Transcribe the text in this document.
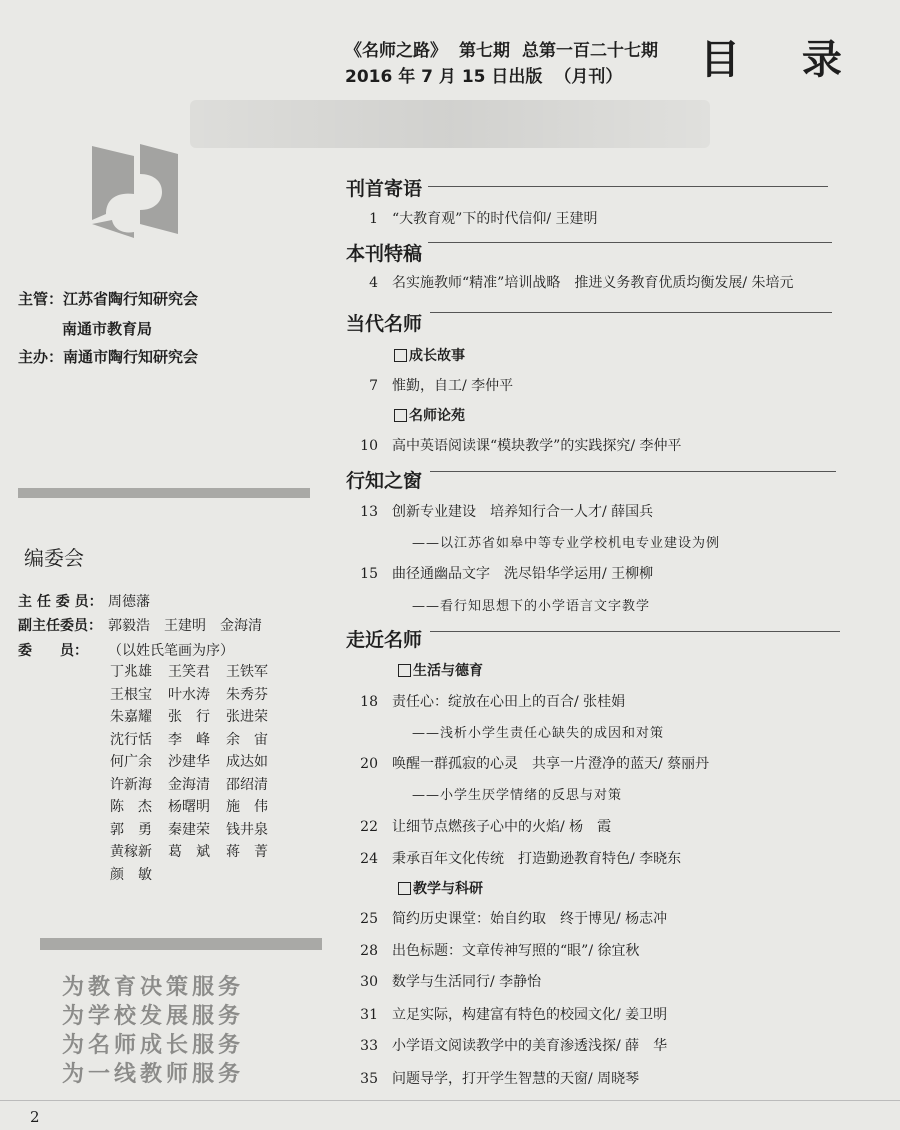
《名师之路》 第七期 总第一百二十七期
2016 年 7 月 15 日出版 （月刊）	目 录
主管：江苏省陶行知研究会
南通市教育局
主办：南通市陶行知研究会
编委会
主 任 委 员： 周德藩
副主任委员： 郭毅浩　王建明　金海清
委　　员： （以姓氏笔画为序）
丁兆雄	王笑君	王铁军
王根宝	叶水涛	朱秀芬
朱嘉耀	张　行	张进荣
沈行恬	李　峰	余　宙
何广余	沙建华	成达如
许新海	金海清	邵绍清
陈　杰	杨曙明	施　伟
郭　勇	秦建荣	钱井泉
黄稼新	葛　斌	蒋　菁
颜　敏
为教育决策服务
为学校发展服务
为名师成长服务
为一线教师服务
刊首寄语
1 “大教育观”下的时代信仰/ 王建明
本刊特稿
4 名实施教师“精准”培训战略　推进义务教育优质均衡发展/ 朱培元
当代名师
成长故事
7 惟勤，自工/ 李仲平
名师论苑
10 高中英语阅读课“模块教学”的实践探究/ 李仲平
行知之窗
13 创新专业建设　培养知行合一人才/ 薛国兵
——以江苏省如皋中等专业学校机电专业建设为例
15 曲径通幽品文字　洗尽铅华学运用/ 王柳柳
——看行知思想下的小学语言文字教学
走近名师
生活与德育
18 责任心：绽放在心田上的百合/ 张桂娟
——浅析小学生责任心缺失的成因和对策
20 唤醒一群孤寂的心灵　共享一片澄净的蓝天/ 蔡丽丹
——小学生厌学情绪的反思与对策
22 让细节点燃孩子心中的火焰/ 杨　霞
24 秉承百年文化传统　打造勤逊教育特色/ 李晓东
教学与科研
25 简约历史课堂：始自约取　终于博见/ 杨志冲
28 出色标题：文章传神写照的“眼”/ 徐宜秋
30 数学与生活同行/ 李静怡
31 立足实际，构建富有特色的校园文化/ 姜卫明
33 小学语文阅读教学中的美育渗透浅探/ 薛　华
35 问题导学，打开学生智慧的天窗/ 周晓琴
2
